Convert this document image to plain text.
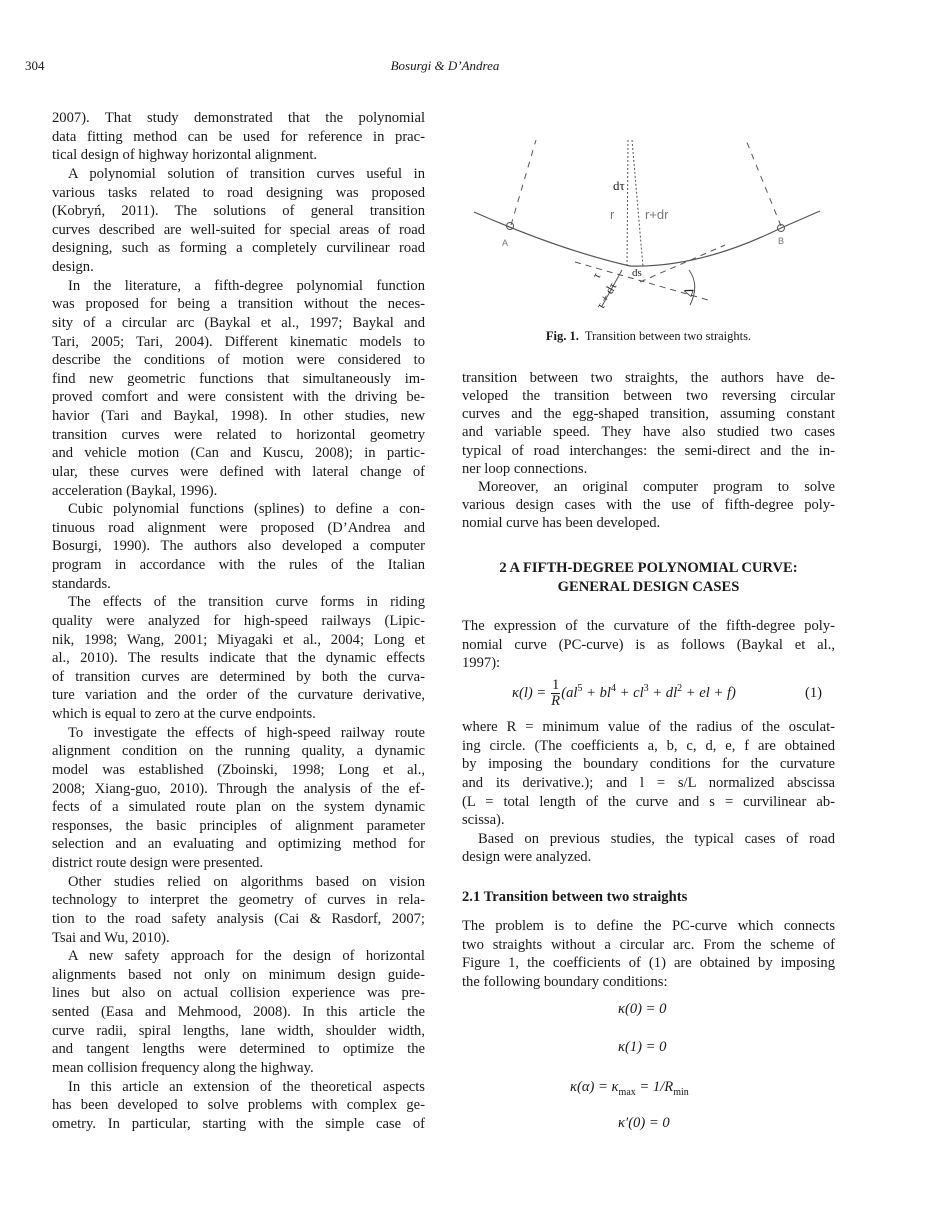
304	Bosurgi & D’Andrea
2007). That study demonstrated that the polynomial
data fitting method can be used for reference in prac-
tical design of highway horizontal alignment.
A polynomial solution of transition curves useful in
various tasks related to road designing was proposed
(Kobryń, 2011). The solutions of general transition
curves described are well-suited for special areas of road
designing, such as forming a completely curvilinear road
design.
In the literature, a fifth-degree polynomial function
was proposed for being a transition without the neces-
sity of a circular arc (Baykal et al., 1997; Baykal and
Tari, 2005; Tari, 2004). Different kinematic models to
describe the conditions of motion were considered to
find new geometric functions that simultaneously im-
proved comfort and were consistent with the driving be-
havior (Tari and Baykal, 1998). In other studies, new
transition curves were related to horizontal geometry
and vehicle motion (Can and Kuscu, 2008); in partic-
ular, these curves were defined with lateral change of
acceleration (Baykal, 1996).
Cubic polynomial functions (splines) to define a con-
tinuous road alignment were proposed (D’Andrea and
Bosurgi, 1990). The authors also developed a computer
program in accordance with the rules of the Italian
standards.
The effects of the transition curve forms in riding
quality were analyzed for high-speed railways (Lipic-
nik, 1998; Wang, 2001; Miyagaki et al., 2004; Long et
al., 2010). The results indicate that the dynamic effects
of transition curves are determined by both the curva-
ture variation and the order of the curvature derivative,
which is equal to zero at the curve endpoints.
To investigate the effects of high-speed railway route
alignment condition on the running quality, a dynamic
model was established (Zboinski, 1998; Long et al.,
2008; Xiang-guo, 2010). Through the analysis of the ef-
fects of a simulated route plan on the system dynamic
responses, the basic principles of alignment parameter
selection and an evaluating and optimizing method for
district route design were presented.
Other studies relied on algorithms based on vision
technology to interpret the geometry of curves in rela-
tion to the road safety analysis (Cai & Rasdorf, 2007;
Tsai and Wu, 2010).
A new safety approach for the design of horizontal
alignments based not only on minimum design guide-
lines but also on actual collision experience was pre-
sented (Easa and Mehmood, 2008). In this article the
curve radii, spiral lengths, lane width, shoulder width,
and tangent lengths were determined to optimize the
mean collision frequency along the highway.
In this article an extension of the theoretical aspects
has been developed to solve problems with complex ge-
ometry. In particular, starting with the simple case of
dτ
r r+dr
A	B
ds
τ
τ + dτ	Δ
Fig. 1. Transition between two straights.
transition between two straights, the authors have de-
veloped the transition between two reversing circular
curves and the egg-shaped transition, assuming constant
and variable speed. They have also studied two cases
typical of road interchanges: the semi-direct and the in-
ner loop connections.
Moreover, an original computer program to solve
various design cases with the use of fifth-degree poly-
nomial curve has been developed.
2 A FIFTH-DEGREE POLYNOMIAL CURVE:
GENERAL DESIGN CASES
The expression of the curvature of the fifth-degree poly-
nomial curve (PC-curve) is as follows (Baykal et al.,
1997):
$\kappa(l) = \frac{1}{R} (al^5 + bl^4 + cl^3 + dl^2$ + el + f)	(1)
where R = minimum value of the radius of the osculat-
ing circle. (The coefficients a, b, c, d, e, f are obtained
by imposing the boundary conditions for the curvature
and its derivative.); and l = s/L normalized abscissa
(L = total length of the curve and s = curvilinear ab-
scissa).
Based on previous studies, the typical cases of road
design were analyzed.
2.1 Transition between two straights
The problem is to define the PC-curve which connects
two straights without a circular arc. From the scheme of
Figure 1, the coefficients of (1) are obtained by imposing
the following boundary conditions:
κ(0) = 0
κ(1) = 0
$\kappa(\alpha) = \kappa_{max} = 1/R_{min}$
κ′(0) = 0
